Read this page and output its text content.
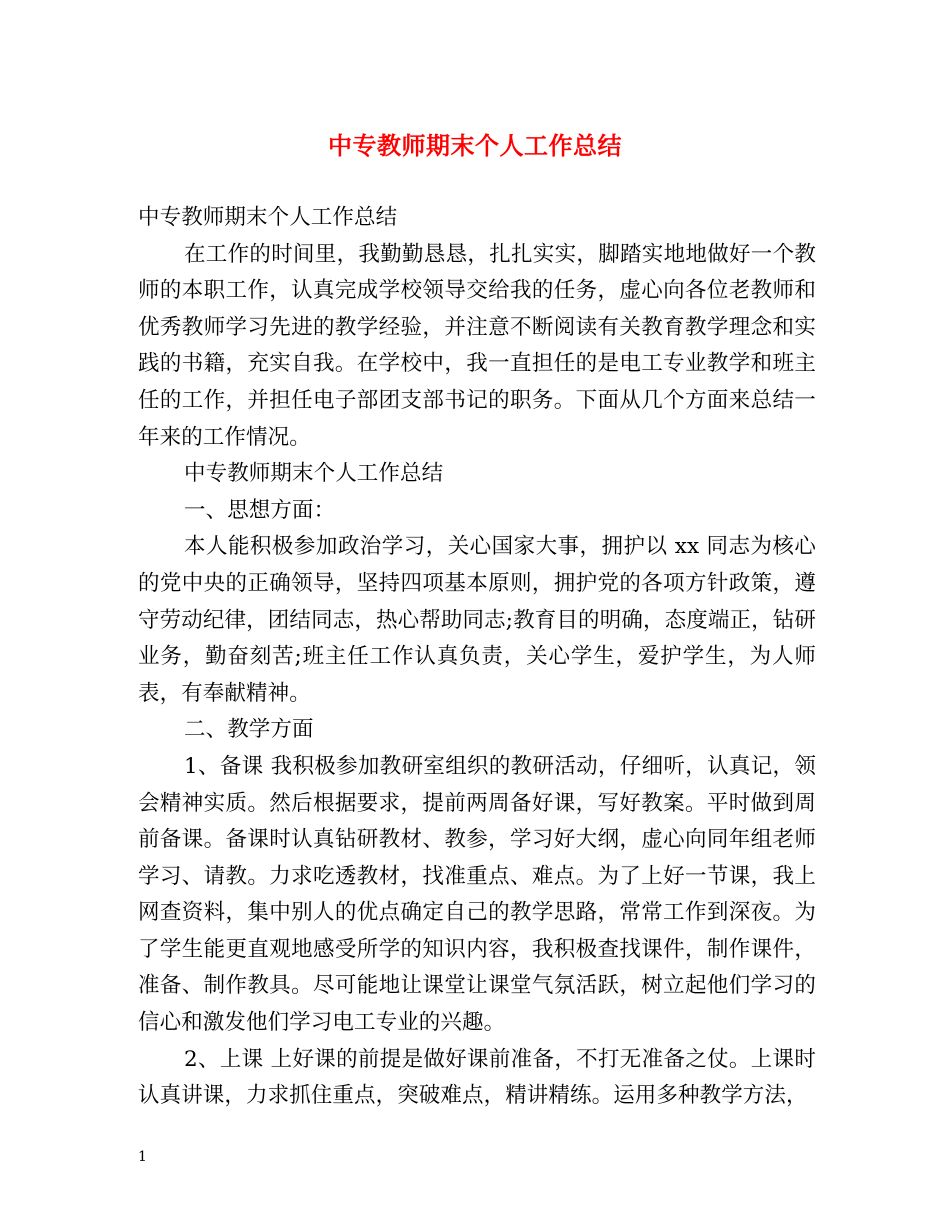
中专教师期末个人工作总结

中专教师期末个人工作总结

在工作的时间里，我勤勤恳恳，扎扎实实，脚踏实地地做好一个教师的本职工作，认真完成学校领导交给我的任务，虚心向各位老教师和优秀教师学习先进的教学经验，并注意不断阅读有关教育教学理念和实践的书籍，充实自我。在学校中，我一直担任的是电工专业教学和班主任的工作，并担任电子部团支部书记的职务。下面从几个方面来总结一年来的工作情况。

中专教师期末个人工作总结

一、思想方面：

本人能积极参加政治学习，关心国家大事，拥护以 xx 同志为核心的党中央的正确领导，坚持四项基本原则，拥护党的各项方针政策，遵守劳动纪律，团结同志，热心帮助同志;教育目的明确，态度端正，钻研业务，勤奋刻苦;班主任工作认真负责，关心学生，爱护学生，为人师表，有奉献精神。

二、教学方面

1、备课 我积极参加教研室组织的教研活动，仔细听，认真记，领会精神实质。然后根据要求，提前两周备好课，写好教案。平时做到周前备课。备课时认真钻研教材、教参，学习好大纲，虚心向同年组老师学习、请教。力求吃透教材，找准重点、难点。为了上好一节课，我上网查资料，集中别人的优点确定自己的教学思路，常常工作到深夜。为了学生能更直观地感受所学的知识内容，我积极查找课件，制作课件，准备、制作教具。尽可能地让课堂让课堂气氛活跃，树立起他们学习的信心和激发他们学习电工专业的兴趣。

2、上课 上好课的前提是做好课前准备，不打无准备之仗。上课时认真讲课，力求抓住重点，突破难点，精讲精练。运用多种教学方法，

1
